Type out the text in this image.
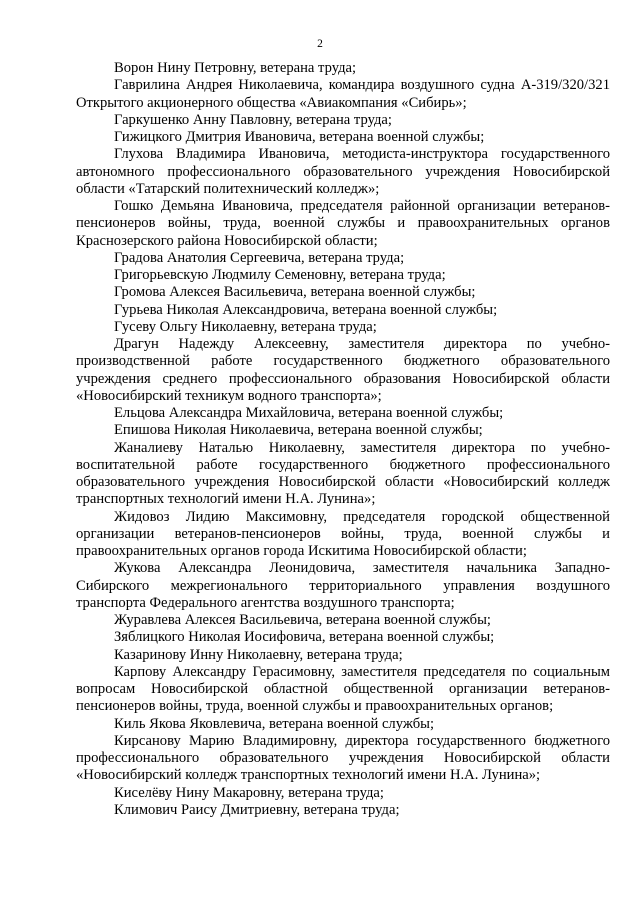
2

Ворон Нину Петровну, ветерана труда;

Гаврилина Андрея Николаевича, командира воздушного судна А-319/320/321 Открытого акционерного общества «Авиакомпания «Сибирь»;

Гаркушенко Анну Павловну, ветерана труда;

Гижицкого Дмитрия Ивановича, ветерана военной службы;

Глухова Владимира Ивановича, методиста-инструктора государственного автономного профессионального образовательного учреждения Новосибирской области «Татарский политехнический колледж»;

Гошко Демьяна Ивановича, председателя районной организации ветеранов-пенсионеров войны, труда, военной службы и правоохранительных органов Краснозерского района Новосибирской области;

Градова Анатолия Сергеевича, ветерана труда;

Григорьевскую Людмилу Семеновну, ветерана труда;

Громова Алексея Васильевича, ветерана военной службы;

Гурьева Николая Александровича, ветерана военной службы;

Гусеву Ольгу Николаевну, ветерана труда;

Драгун Надежду Алексеевну, заместителя директора по учебно-производственной работе государственного бюджетного образовательного учреждения среднего профессионального образования Новосибирской области «Новосибирский техникум водного транспорта»;

Ельцова Александра Михайловича, ветерана военной службы;

Епишова Николая Николаевича, ветерана военной службы;

Жаналиеву Наталью Николаевну, заместителя директора по учебно-воспитательной работе государственного бюджетного профессионального образовательного учреждения Новосибирской области «Новосибирский колледж транспортных технологий имени Н.А. Лунина»;

Жидовоз Лидию Максимовну, председателя городской общественной организации ветеранов-пенсионеров войны, труда, военной службы и правоохранительных органов города Искитима Новосибирской области;

Жукова Александра Леонидовича, заместителя начальника Западно-Сибирского межрегионального территориального управления воздушного транспорта Федерального агентства воздушного транспорта;

Журавлева Алексея Васильевича, ветерана военной службы;

Зяблицкого Николая Иосифовича, ветерана военной службы;

Казаринову Инну Николаевну, ветерана труда;

Карпову Александру Герасимовну, заместителя председателя по социальным вопросам Новосибирской областной общественной организации ветеранов-пенсионеров войны, труда, военной службы и правоохранительных органов;

Киль Якова Яковлевича, ветерана военной службы;

Кирсанову Марию Владимировну, директора государственного бюджетного профессионального образовательного учреждения Новосибирской области «Новосибирский колледж транспортных технологий имени Н.А. Лунина»;

Киселёву Нину Макаровну, ветерана труда;

Климович Раису Дмитриевну, ветерана труда;
